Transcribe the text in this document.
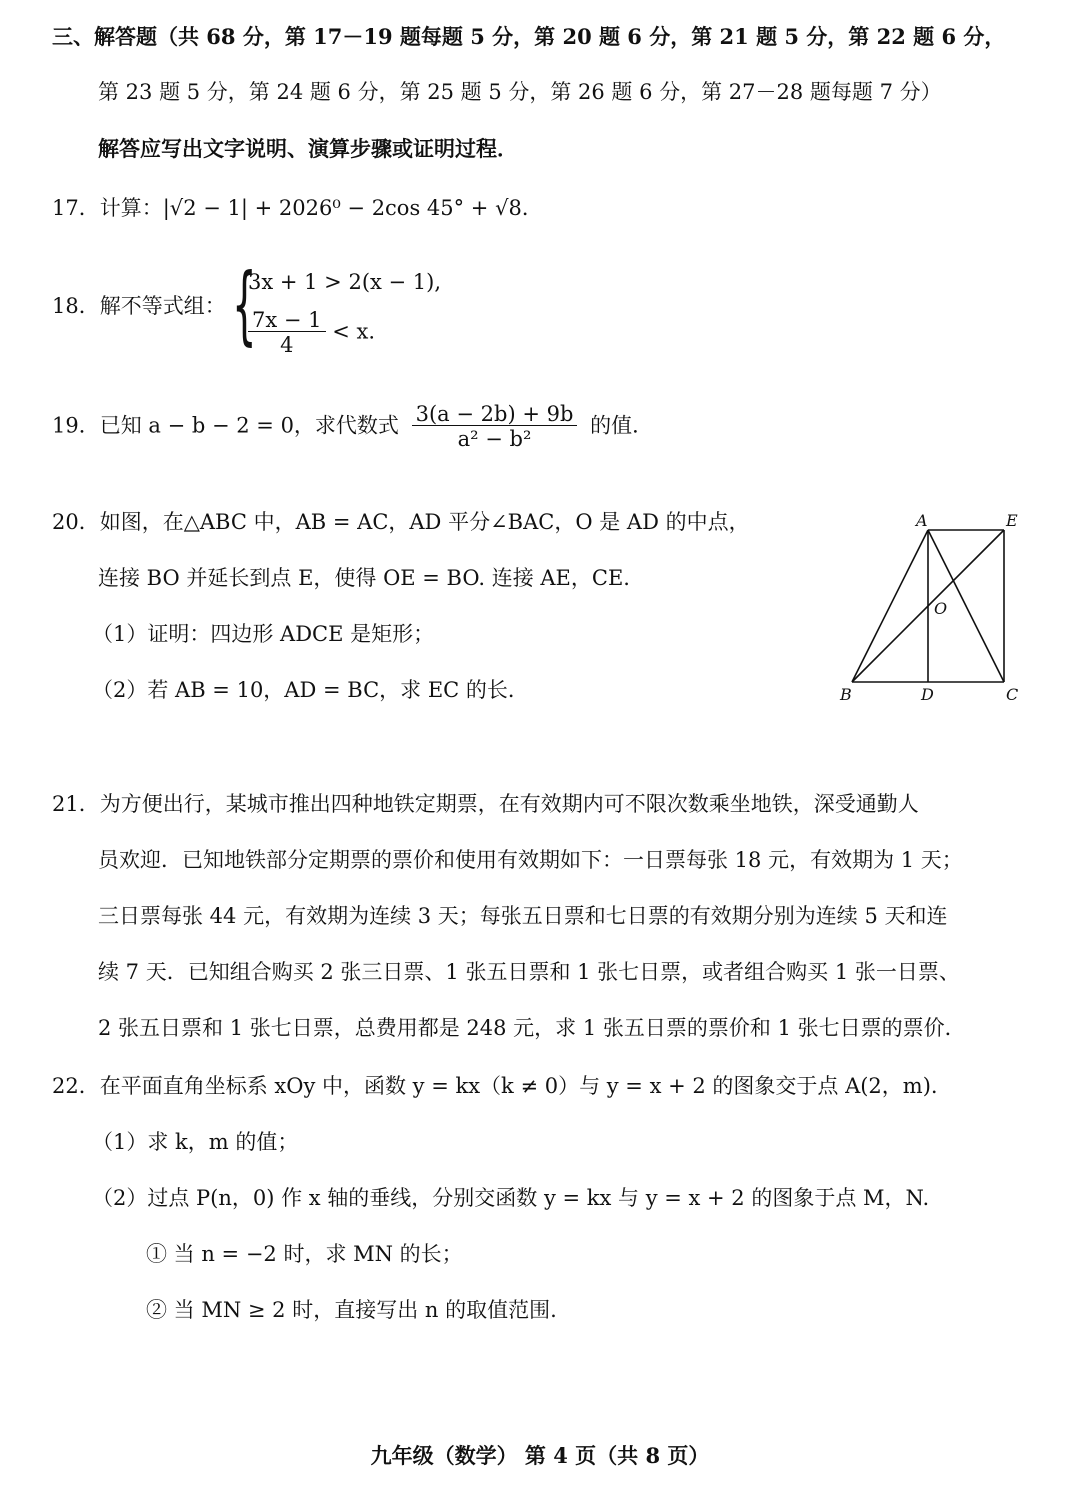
三、解答题（共 68 分，第 17－19 题每题 5 分，第 20 题 6 分，第 21 题 5 分，第 22 题 6 分，
第 23 题 5 分，第 24 题 6 分，第 25 题 5 分，第 26 题 6 分，第 27－28 题每题 7 分）
解答应写出文字说明、演算步骤或证明过程．
17．计算：|√2 − 1| + 2026⁰ − 2cos 45° + √8．
18．解不等式组： {
3x + 1 > 2(x − 1),
$\frac{7x - 1}{4} < x$.
19．已知 a − b − 2 = 0，求代数式 $\frac{3(a - 2b) + 9b}{\text{a² − b²}}$ 的值．
20．如图，在△ABC 中，AB = AC，AD 平分∠BAC，O 是 AD 的中点，
连接 BO 并延长到点 E，使得 OE = BO. 连接 AE，CE.
（1）证明：四边形 ADCE 是矩形；
（2）若 AB = 10，AD = BC，求 EC 的长．
A	E
O
B	D	C
21．为方便出行，某城市推出四种地铁定期票，在有效期内可不限次数乘坐地铁，深受通勤人
员欢迎．已知地铁部分定期票的票价和使用有效期如下：一日票每张 18 元，有效期为 1 天；
三日票每张 44 元，有效期为连续 3 天；每张五日票和七日票的有效期分别为连续 5 天和连
续 7 天．已知组合购买 2 张三日票、1 张五日票和 1 张七日票，或者组合购买 1 张一日票、
2 张五日票和 1 张七日票，总费用都是 248 元，求 1 张五日票的票价和 1 张七日票的票价．
22．在平面直角坐标系 xOy 中，函数 y = kx（k ≠ 0）与 y = x + 2 的图象交于点 A(2，m).
（1）求 k，m 的值；
（2）过点 P(n，0) 作 x 轴的垂线，分别交函数 y = kx 与 y = x + 2 的图象于点 M，N.
① 当 n = −2 时，求 MN 的长；
② 当 MN ≥ 2 时，直接写出 n 的取值范围.
九年级（数学） 第 4 页（共 8 页）
